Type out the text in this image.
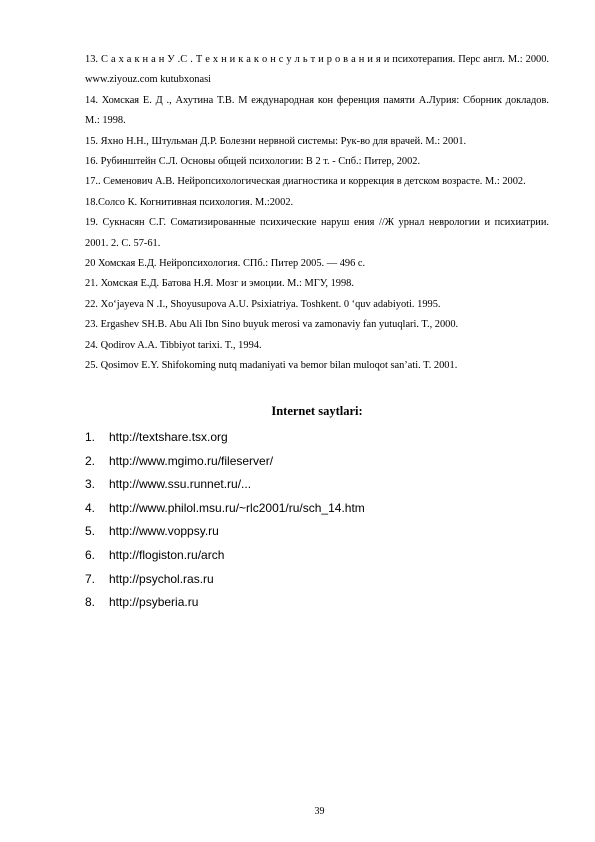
13. С а х а к н а н У .С . Т е х н и к а к о н с у л ь т и р о в а н и я и психотерапия. Перс англ. М.: 2000. www.ziyouz.com kutubxonasi

14. Хомская Е. Д ., Ахутина Т.В. М еждународная кон ференция памяти А.Лурия: Сборник докладов. М.: 1998.

15. Яхно Н.Н., Штульман Д.Р. Болезни нервной системы: Рук-во для врачей. М.: 2001.

16. Рубинштейн С.Л. Основы общей психологии: В 2 т. - Спб.: Питер, 2002.

17.. Семенович А.В. Нейропсихологическая диагностика и коррекция в детском возрасте. М.: 2002.

18.Солсо К. Когнитивная психология. М.:2002.

19. Сукнасян С.Г. Соматизированные психические наруш ения //Ж урнал неврологии и психиатрии. 2001. 2. С. 57-61.

20 Хомская Е.Д. Нейропсихология. СПб.: Питер 2005. — 496 с.

21. Хомская Е.Д. Батова Н.Я. Мозг и эмоции. М.: МГУ, 1998.

22. Xo‘jayeva N .I., Shoyusupova A.U. Psixiatriya. Toshkent. 0 ‘quv adabiyoti. 1995.

23. Ergashev SH.B. Abu Ali Ibn Sino buyuk merosi va zamonaviy fan yutuqlari. T., 2000.

24. Qodirov A.A. Tibbiyot tarixi. T., 1994.

25. Qosimov E.Y. Shifokoming nutq madaniyati va bemor bilan muloqot san’ati. T. 2001.

Internet saytlari:
1.	http://textshare.tsx.org
2.	http://www.mgimo.ru/fileserver/
3.	http://www.ssu.runnet.ru/...
4.	http://www.philol.msu.ru/~rlc2001/ru/sch_14.htm
5.	http://www.voppsy.ru
6.	http://flogiston.ru/arch
7.	http://psychol.ras.ru
8.	http://psyberia.ru
39
